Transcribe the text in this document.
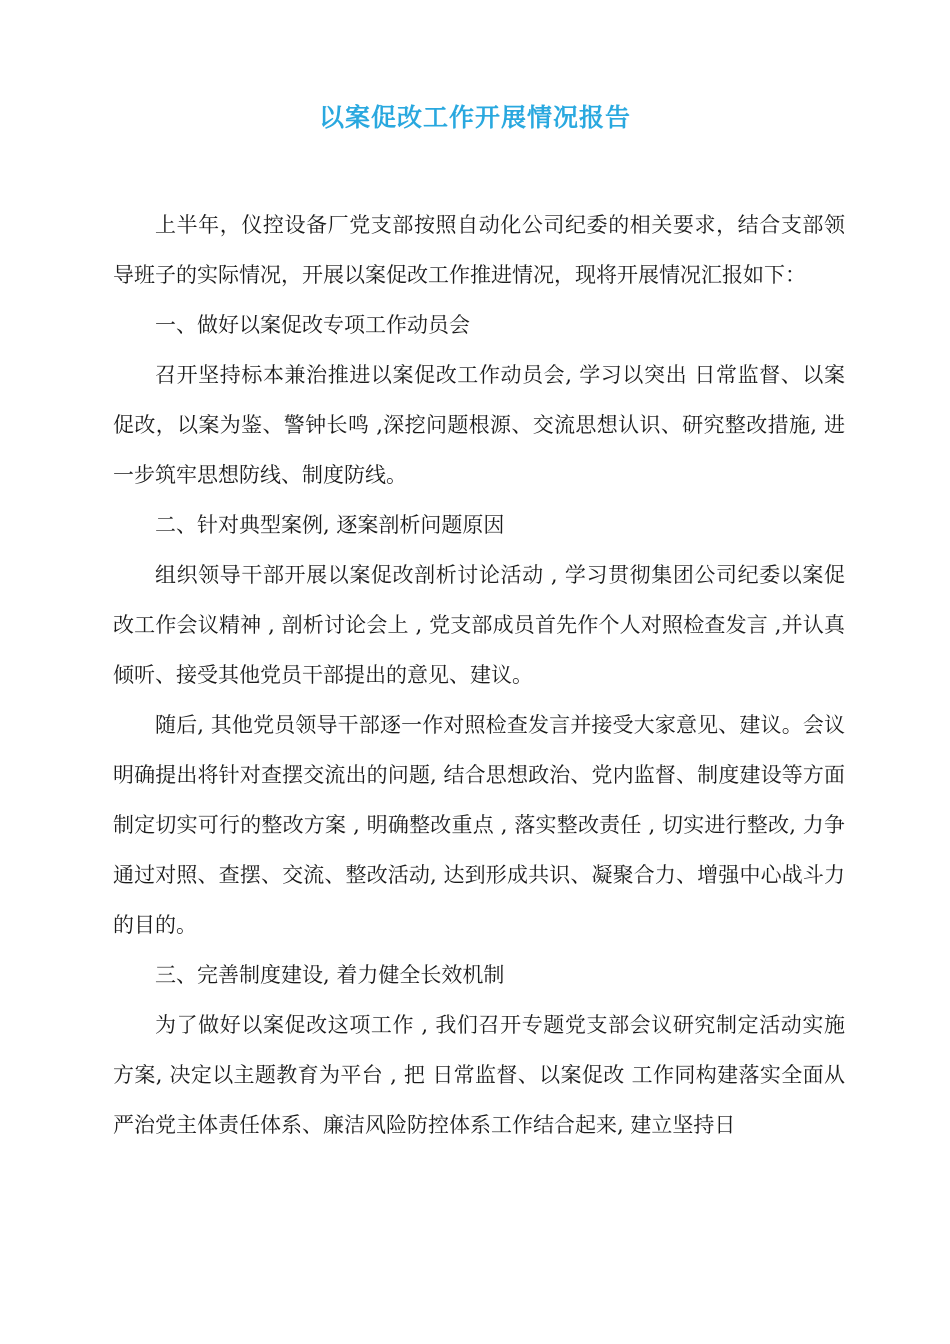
以案促改工作开展情况报告

上半年，仪控设备厂党支部按照自动化公司纪委的相关要求，结合支部领导班子的实际情况，开展以案促改工作推进情况，现将开展情况汇报如下：

一、做好以案促改专项工作动员会

召开坚持标本兼治推进以案促改工作动员会, 学习以突出 日常监督、以案促改，以案为鉴、警钟长鸣 ,深挖问题根源、交流思想认识、研究整改措施, 进一步筑牢思想防线、制度防线。

二、针对典型案例, 逐案剖析问题原因

组织领导干部开展以案促改剖析讨论活动 , 学习贯彻集团公司纪委以案促改工作会议精神 , 剖析讨论会上 , 党支部成员首先作个人对照检查发言 ,并认真倾听、接受其他党员干部提出的意见、建议。

随后, 其他党员领导干部逐一作对照检查发言并接受大家意见、建议。会议明确提出将针对查摆交流出的问题, 结合思想政治、党内监督、制度建设等方面制定切实可行的整改方案 , 明确整改重点 , 落实整改责任 , 切实进行整改, 力争通过对照、查摆、交流、整改活动, 达到形成共识、凝聚合力、增强中心战斗力的目的。

三、完善制度建设, 着力健全长效机制

为了做好以案促改这项工作 , 我们召开专题党支部会议研究制定活动实施方案, 决定以主题教育为平台 , 把 日常监督、以案促改 工作同构建落实全面从严治党主体责任体系、廉洁风险防控体系工作结合起来, 建立坚持日
